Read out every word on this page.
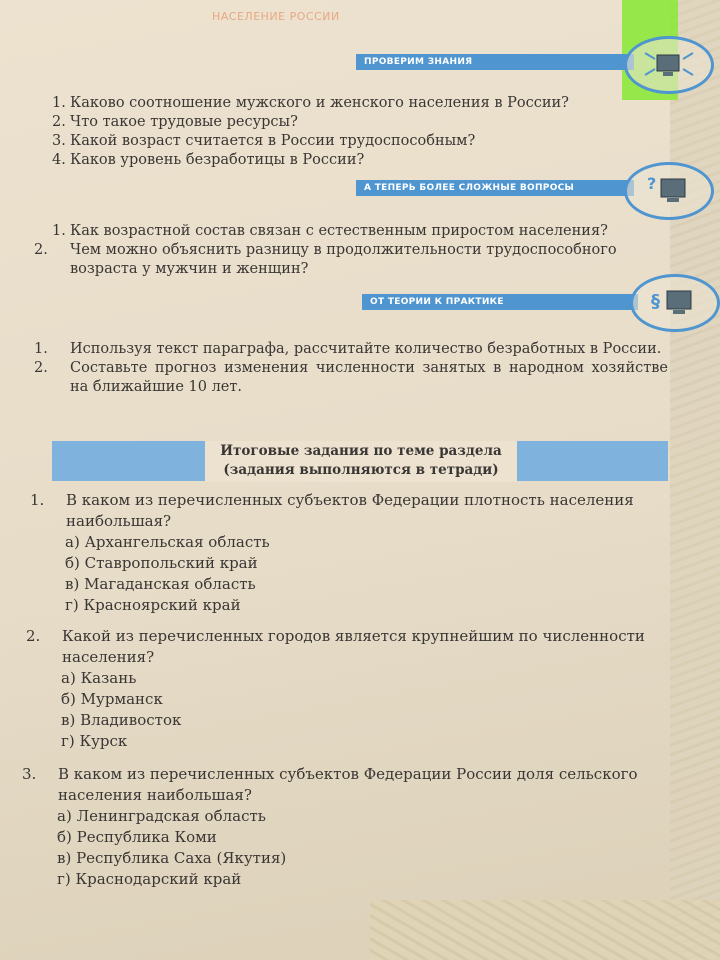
НАСЕЛЕНИЕ РОССИИ
ПРОВЕРИМ ЗНАНИЯ
1. Каково соотношение мужского и женского населения в России?
2. Что такое трудовые ресурсы?
3. Какой возраст считается в России трудоспособным?
4. Каков уровень безработицы в России?
А ТЕПЕРЬ БОЛЕЕ СЛОЖНЫЕ ВОПРОСЫ	?
1. Как возрастной состав связан с естественным приростом населения?
2. Чем можно объяснить разницу в продолжительности трудоспособного возраста у мужчин и женщин?
ОТ ТЕОРИИ К ПРАКТИКЕ	§
1. Используя текст параграфа, рассчитайте количество безработных в России.
2. Составьте прогноз изменения численности занятых в народном хозяйстве на ближайшие 10 лет.
Итоговые задания по теме раздела
(задания выполняются в тетради)
1. В каком из перечисленных субъектов Федерации плотность населения наибольшая?
а) Архангельская область
б) Ставропольский край
в) Магаданская область
г) Красноярский край
2. Какой из перечисленных городов является крупнейшим по численности населения?
а) Казань
б) Мурманск
в) Владивосток
г) Курск
3. В каком из перечисленных субъектов Федерации России доля сельского населения наибольшая?
а) Ленинградская область
б) Республика Коми
в) Республика Саха (Якутия)
г) Краснодарский край
